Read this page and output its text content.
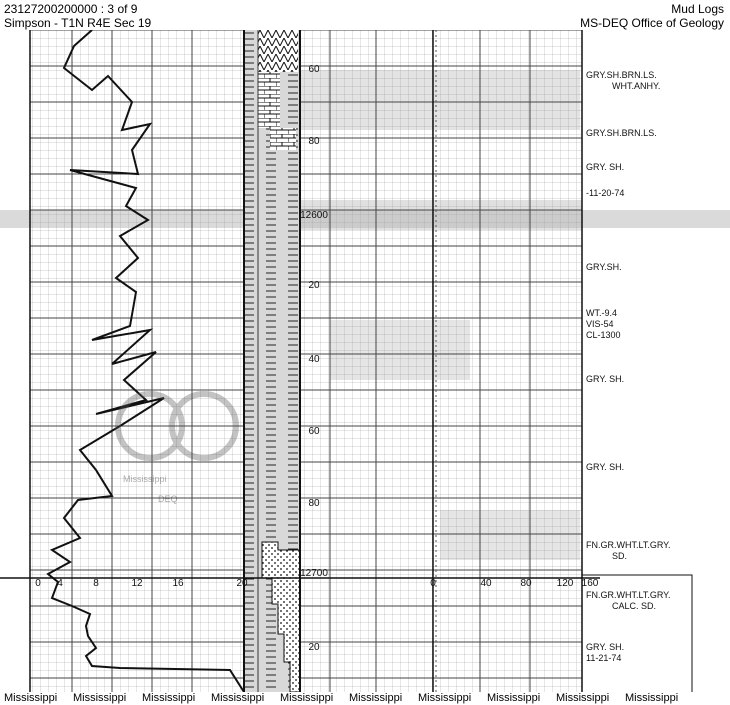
23127200200000 : 3 of 9
Simpson - T1N R4E Sec 19
Mud Logs
MS-DEQ Office of Geology
0 4	8	12	16	20	0	40	80	120 160
60
80
12600
20
40
60
80
12700
20
GRY.SH.BRN.LS.
WHT.ANHY.
GRY.SH.BRN.LS.
GRY. SH.
-11-20-74
GRY.SH.
WT.-9.4
VIS-54
CL-1300
GRY. SH.
GRY. SH.
FN.GR.WHT.LT.GRY.
SD.
FN.GR.WHT.LT.GRY.
CALC. SD.
GRY. SH.
11-21-74
Mississippi
DEQ
Mississippi Mississippi Mississippi Mississippi Mississippi Mississippi Mississippi Mississippi Mississippi Mississippi
